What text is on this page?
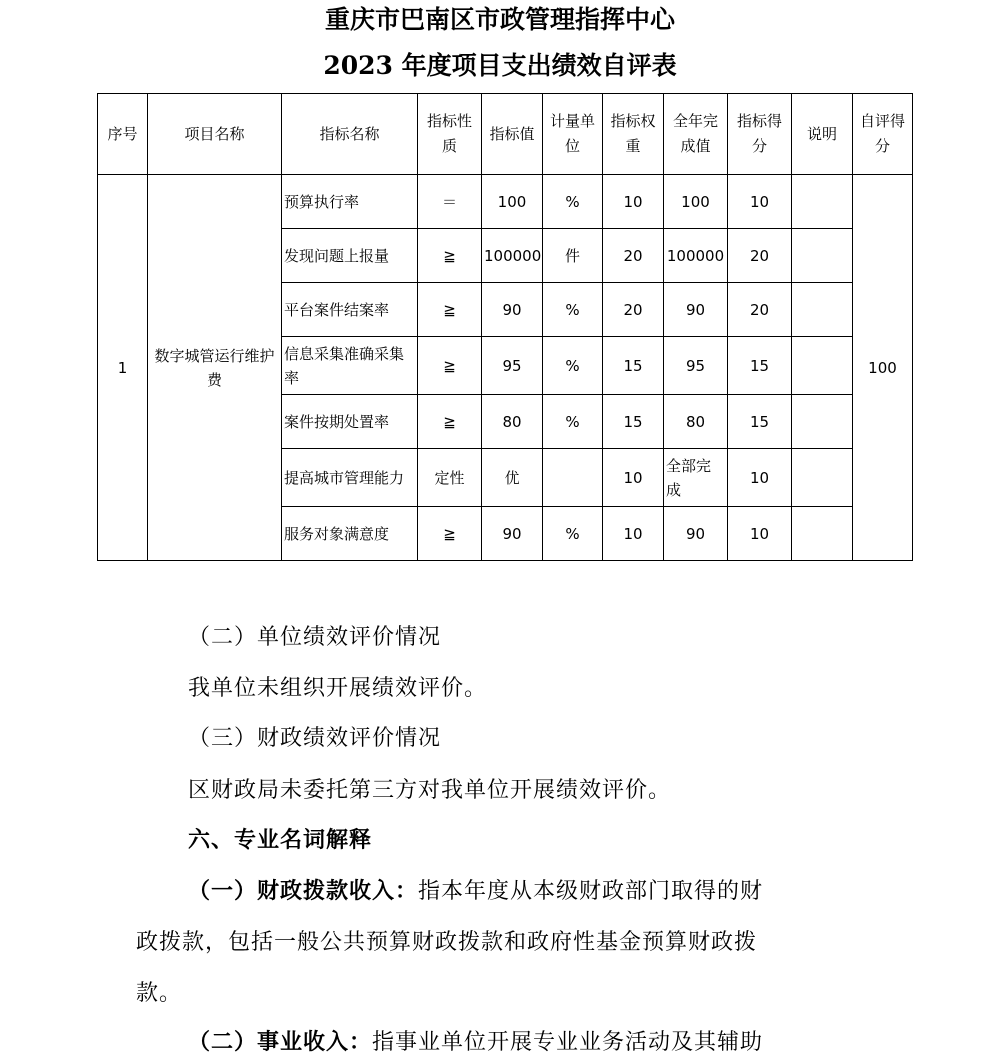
重庆市巴南区市政管理指挥中心
2023 年度项目支出绩效自评表
序号	项目名称	指标名称	指标性质	指标值	计量单位	指标权重	全年完成值	指标得分	说明	自评得分
1	数字城管运行维护费	预算执行率	＝	100	%	10	100	10		100
		发现问题上报量	≧	100000	件	20	100000	20		
		平台案件结案率	≧	90	%	20	90	20		
		信息采集准确采集率	≧	95	%	15	95	15		
		案件按期处置率	≧	80	%	15	80	15		
		提高城市管理能力	定性	优		10	全部完成	10		
		服务对象满意度	≧	90	%	10	90	10		
（二）单位绩效评价情况
我单位未组织开展绩效评价。
（三）财政绩效评价情况
区财政局未委托第三方对我单位开展绩效评价。
六、专业名词解释
（一）财政拨款收入：指本年度从本级财政部门取得的财
政拨款，包括一般公共预算财政拨款和政府性基金预算财政拨
款。
（二）事业收入：指事业单位开展专业业务活动及其辅助
